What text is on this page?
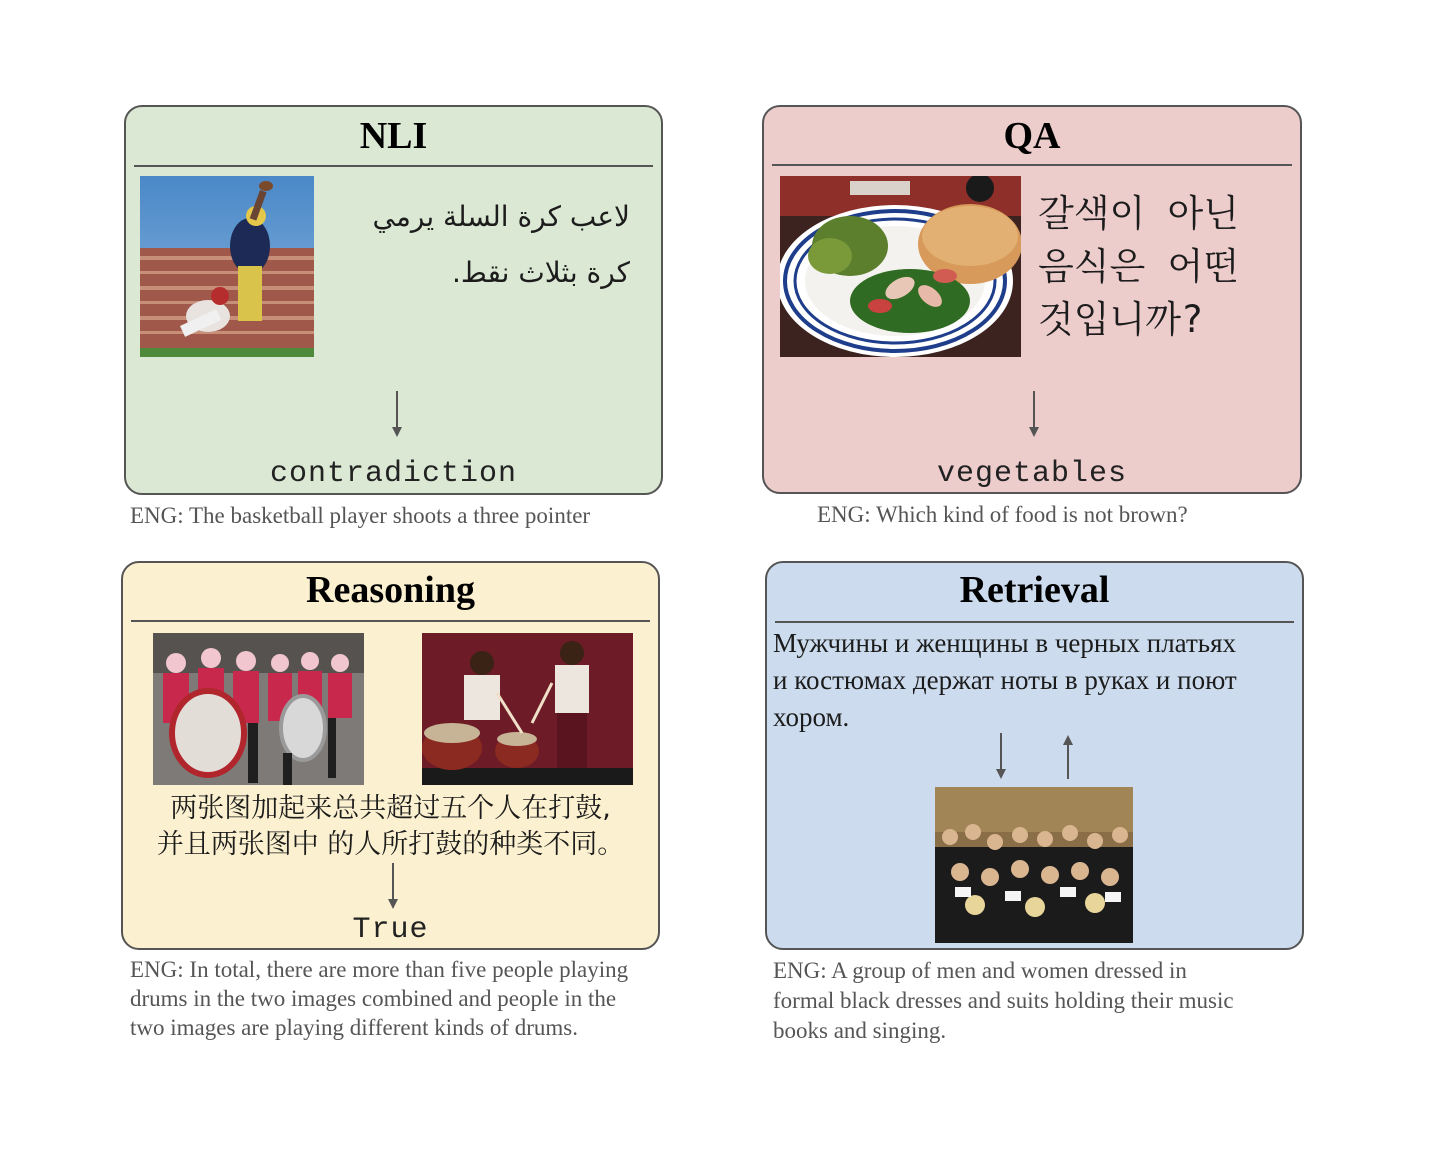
NLI
لاعب كرة السلة يرمي كرة بثلاث نقط.
contradiction
ENG: The basketball player shoots a three pointer
QA
갈색이 아닌 음식은 어떤 것입니까?
vegetables
ENG: Which kind of food is not brown?
Reasoning
两张图加起来总共超过五个人在打鼓,
并且两张图中 的人所打鼓的种类不同。
True
ENG: In total, there are more than five people playing
drums in the two images combined and people in the
two images are playing different kinds of drums.
Retrieval
Мужчины и женщины в черных платьях
и костюмах держат ноты в руках и поют
хором.
ENG: A group of men and women dressed in
formal black dresses and suits holding their music
books and singing.
